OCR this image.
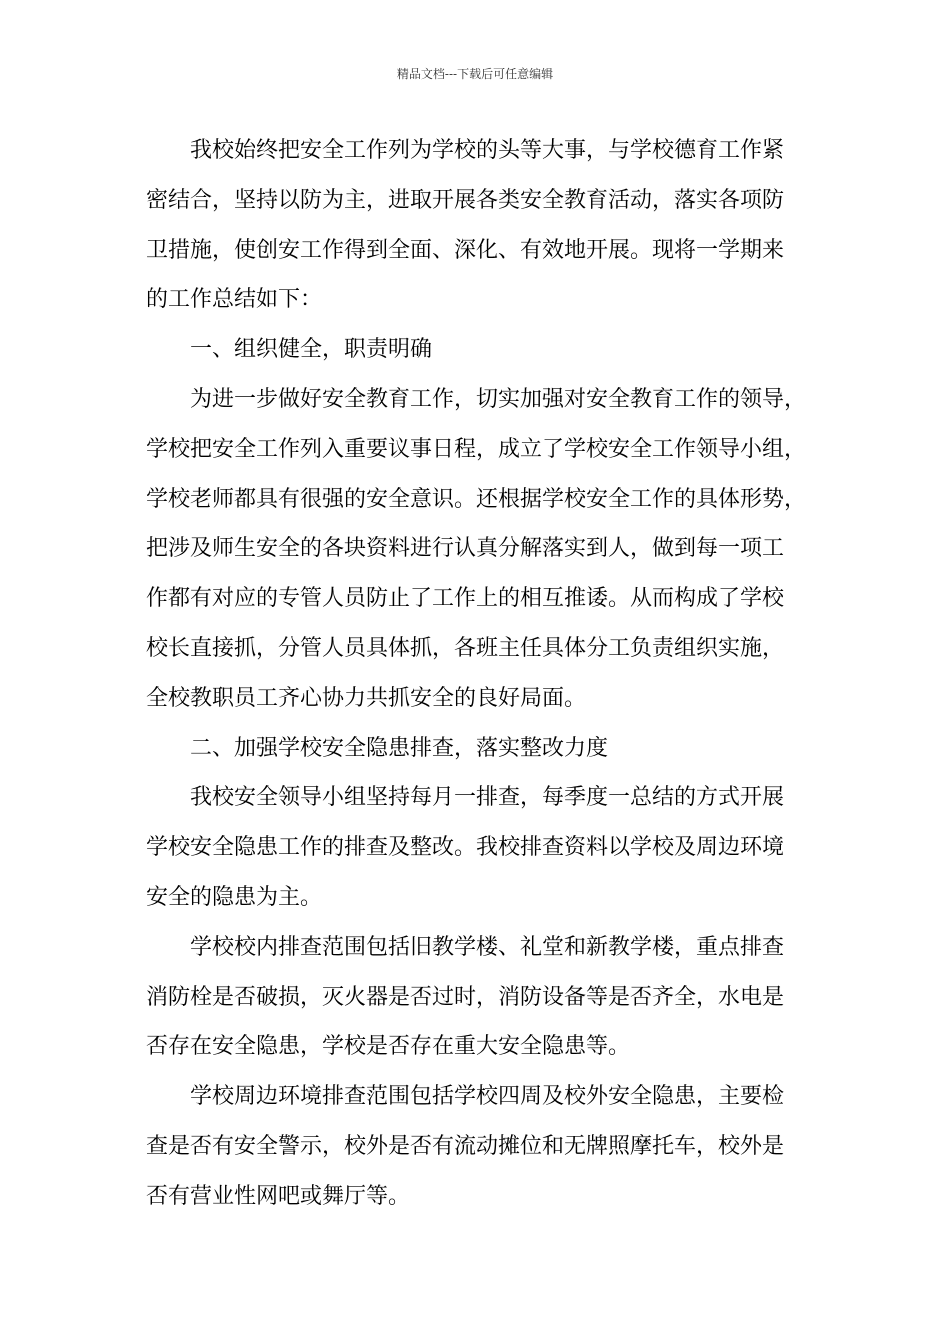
精品文档---下载后可任意编辑
我校始终把安全工作列为学校的头等大事，与学校德育工作紧
密结合，坚持以防为主，进取开展各类安全教育活动，落实各项防
卫措施，使创安工作得到全面、深化、有效地开展。现将一学期来
的工作总结如下：
一、组织健全，职责明确
为进一步做好安全教育工作，切实加强对安全教育工作的领导，
学校把安全工作列入重要议事日程，成立了学校安全工作领导小组，
学校老师都具有很强的安全意识。还根据学校安全工作的具体形势，
把涉及师生安全的各块资料进行认真分解落实到人，做到每一项工
作都有对应的专管人员防止了工作上的相互推诿。从而构成了学校
校长直接抓，分管人员具体抓，各班主任具体分工负责组织实施，
全校教职员工齐心协力共抓安全的良好局面。
二、加强学校安全隐患排查，落实整改力度
我校安全领导小组坚持每月一排查，每季度一总结的方式开展
学校安全隐患工作的排查及整改。我校排查资料以学校及周边环境
安全的隐患为主。
学校校内排查范围包括旧教学楼、礼堂和新教学楼，重点排查
消防栓是否破损，灭火器是否过时，消防设备等是否齐全，水电是
否存在安全隐患，学校是否存在重大安全隐患等。
学校周边环境排查范围包括学校四周及校外安全隐患，主要检
查是否有安全警示，校外是否有流动摊位和无牌照摩托车，校外是
否有营业性网吧或舞厅等。
